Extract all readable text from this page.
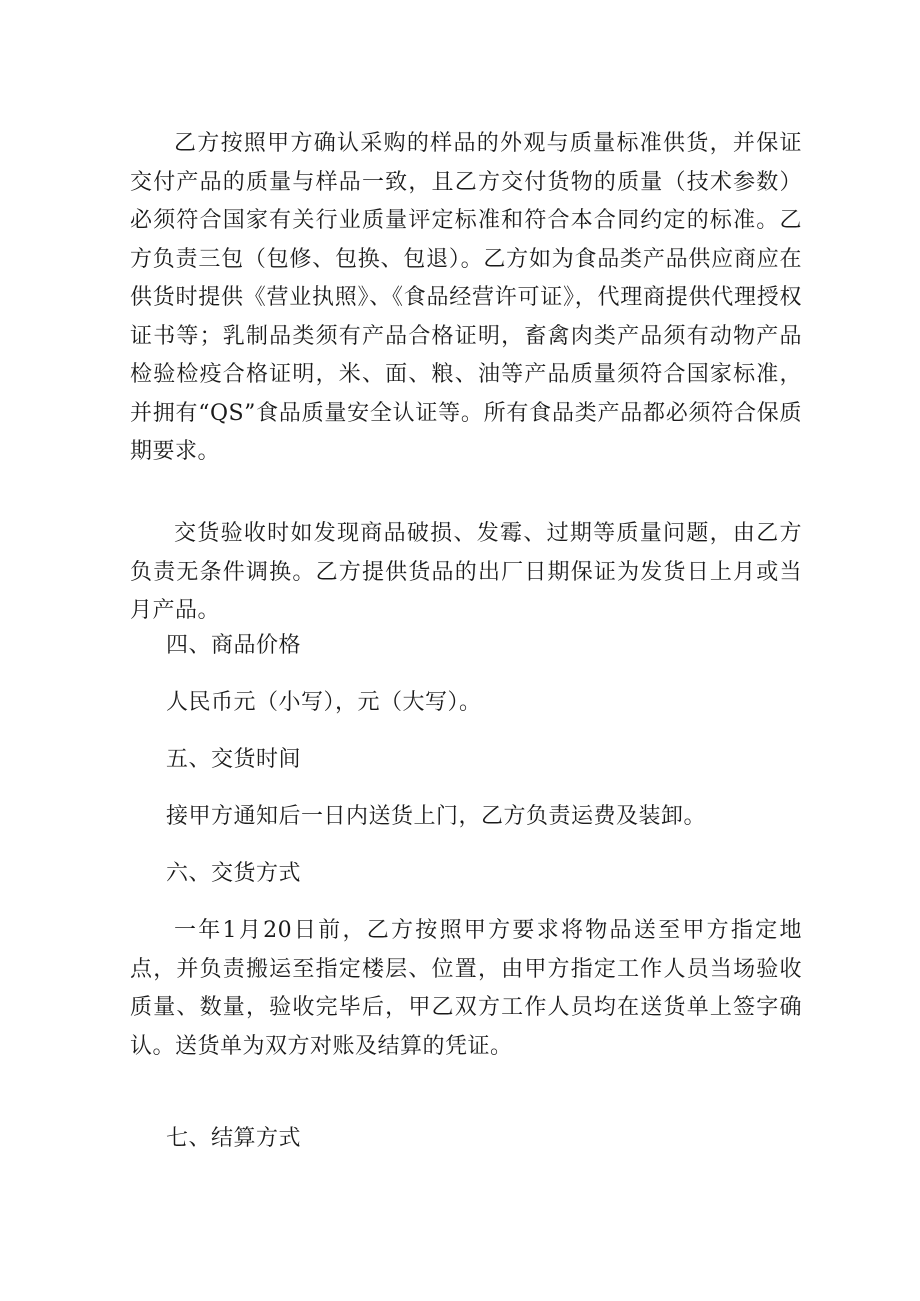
乙方按照甲方确认采购的样品的外观与质量标准供货，并保证交付产品的质量与样品一致，且乙方交付货物的质量（技术参数）必须符合国家有关行业质量评定标准和符合本合同约定的标准。乙方负责三包（包修、包换、包退）。乙方如为食品类产品供应商应在供货时提供《营业执照》、《食品经营许可证》，代理商提供代理授权证书等；乳制品类须有产品合格证明，畜禽肉类产品须有动物产品检验检疫合格证明，米、面、粮、油等产品质量须符合国家标准，并拥有“QS”食品质量安全认证等。所有食品类产品都必须符合保质期要求。

交货验收时如发现商品破损、发霉、过期等质量问题，由乙方负责无条件调换。乙方提供货品的出厂日期保证为发货日上月或当月产品。

四、商品价格

人民币元（小写），元（大写）。

五、交货时间

接甲方通知后一日内送货上门，乙方负责运费及装卸。

六、交货方式

一年1月20日前，乙方按照甲方要求将物品送至甲方指定地点，并负责搬运至指定楼层、位置，由甲方指定工作人员当场验收质量、数量，验收完毕后，甲乙双方工作人员均在送货单上签字确认。送货单为双方对账及结算的凭证。

七、结算方式
